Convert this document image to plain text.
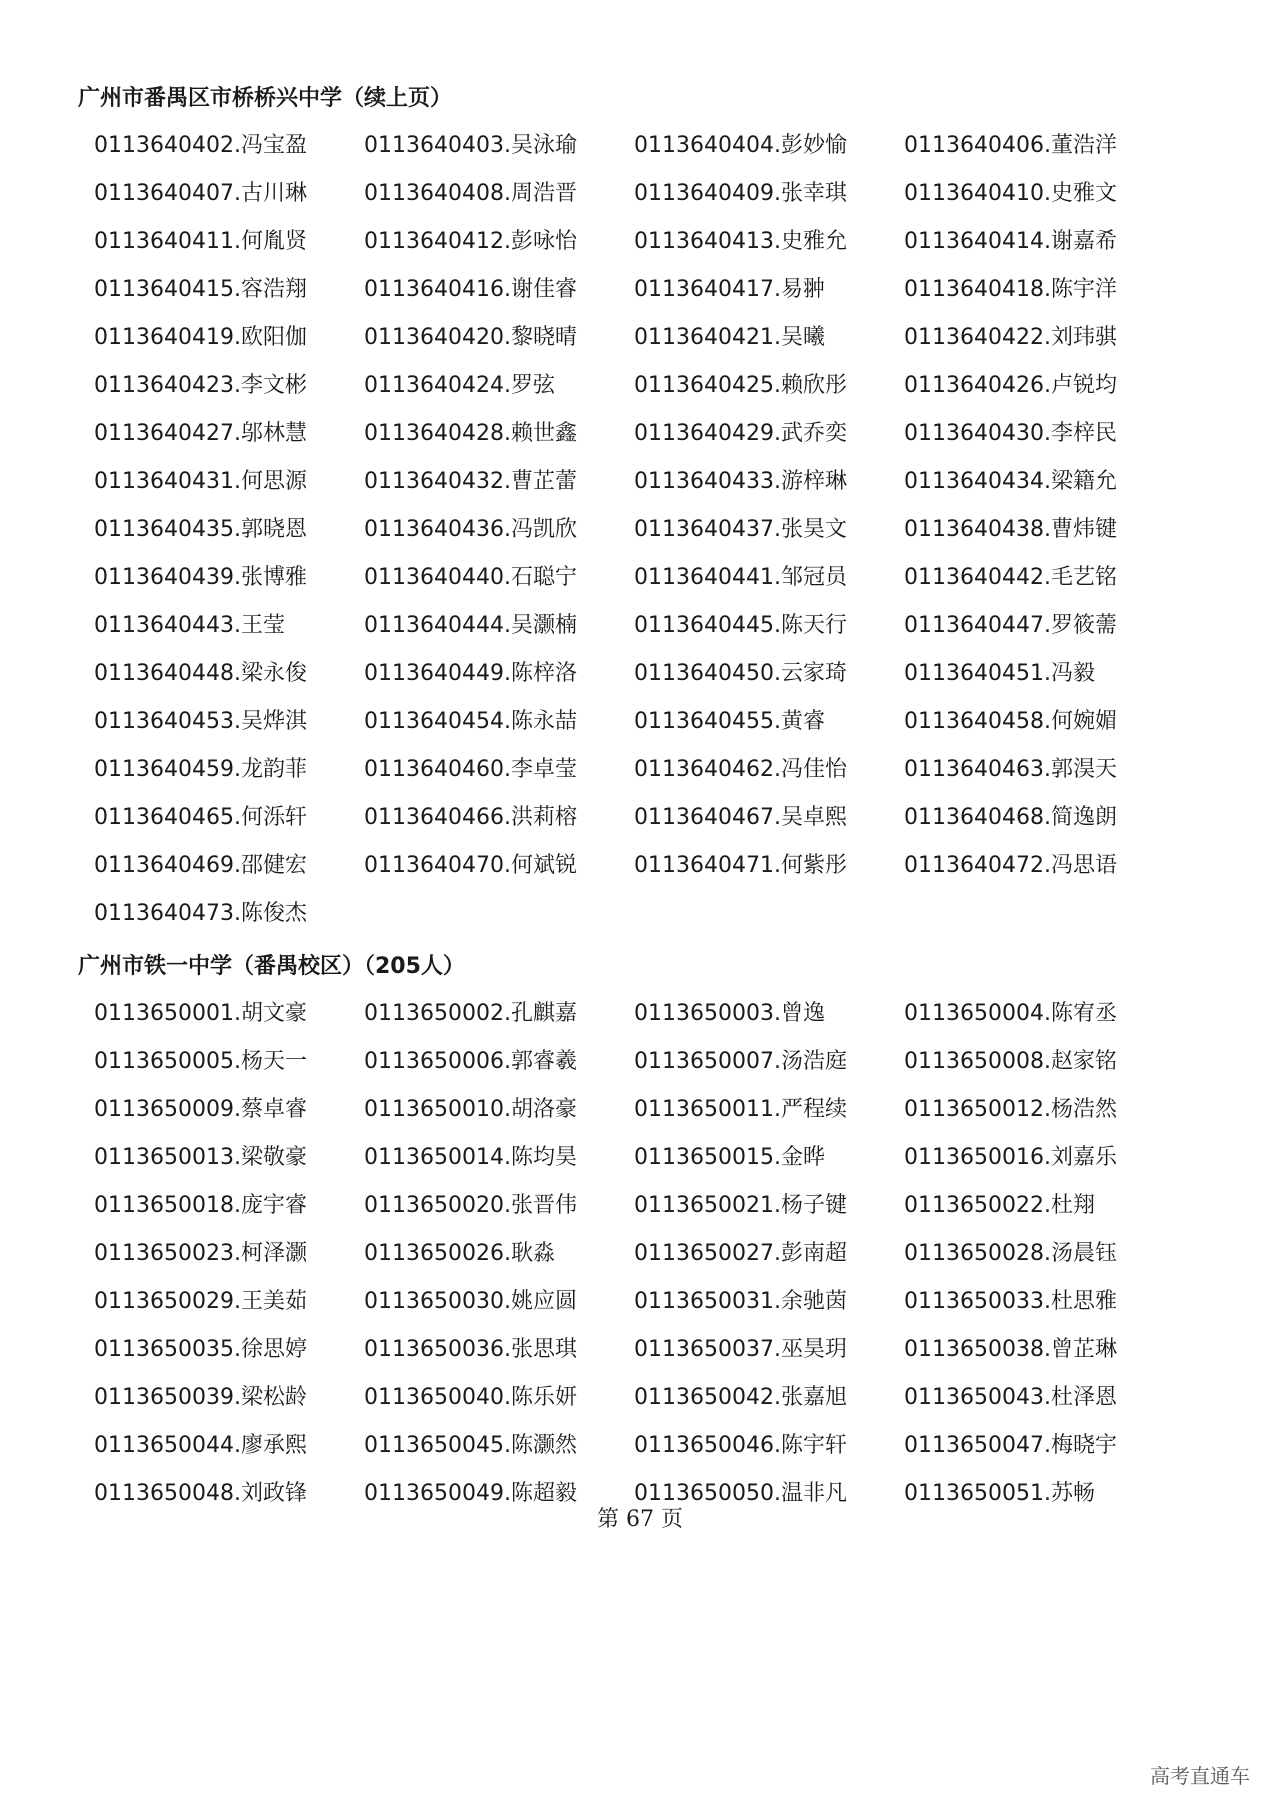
广州市番禺区市桥桥兴中学（续上页）
0113640402.冯宝盈	0113640403.吴泳瑜	0113640404.彭妙愉	0113640406.董浩洋
0113640407.古川琳	0113640408.周浩晋	0113640409.张幸琪	0113640410.史雅文
0113640411.何胤贤	0113640412.彭咏怡	0113640413.史雅允	0113640414.谢嘉希
0113640415.容浩翔	0113640416.谢佳睿	0113640417.易翀	0113640418.陈宇洋
0113640419.欧阳伽	0113640420.黎晓晴	0113640421.吴曦	0113640422.刘玮骐
0113640423.李文彬	0113640424.罗弦	0113640425.赖欣彤	0113640426.卢锐均
0113640427.邬林慧	0113640428.赖世鑫	0113640429.武乔奕	0113640430.李梓民
0113640431.何思源	0113640432.曹芷蕾	0113640433.游梓琳	0113640434.梁籍允
0113640435.郭晓恩	0113640436.冯凯欣	0113640437.张昊文	0113640438.曹炜键
0113640439.张博雅	0113640440.石聪宁	0113640441.邹冠员	0113640442.毛艺铭
0113640443.王莹	0113640444.吴灏楠	0113640445.陈天行	0113640447.罗筱薷
0113640448.梁永俊	0113640449.陈梓洛	0113640450.云家琦	0113640451.冯毅
0113640453.吴烨淇	0113640454.陈永喆	0113640455.黄睿	0113640458.何婉媚
0113640459.龙韵菲	0113640460.李卓莹	0113640462.冯佳怡	0113640463.郭淏天
0113640465.何泺轩	0113640466.洪莉榕	0113640467.吴卓熙	0113640468.简逸朗
0113640469.邵健宏	0113640470.何斌锐	0113640471.何紫彤	0113640472.冯思语
0113640473.陈俊杰
广州市铁一中学（番禺校区）（205人）
0113650001.胡文豪	0113650002.孔麒嘉	0113650003.曾逸	0113650004.陈宥丞
0113650005.杨天一	0113650006.郭睿羲	0113650007.汤浩庭	0113650008.赵家铭
0113650009.蔡卓睿	0113650010.胡洛豪	0113650011.严程续	0113650012.杨浩然
0113650013.梁敬豪	0113650014.陈均昊	0113650015.金晔	0113650016.刘嘉乐
0113650018.庞宇睿	0113650020.张晋伟	0113650021.杨子键	0113650022.杜翔
0113650023.柯泽灏	0113650026.耿淼	0113650027.彭南超	0113650028.汤晨钰
0113650029.王美茹	0113650030.姚应圆	0113650031.余驰茵	0113650033.杜思雅
0113650035.徐思婷	0113650036.张思琪	0113650037.巫昊玥	0113650038.曾芷琳
0113650039.梁松龄	0113650040.陈乐妍	0113650042.张嘉旭	0113650043.杜泽恩
0113650044.廖承熙	0113650045.陈灏然	0113650046.陈宇轩	0113650047.梅晓宇
0113650048.刘政锋	0113650049.陈超毅	0113650050.温非凡	0113650051.苏畅
第 67 页
高考直通车
